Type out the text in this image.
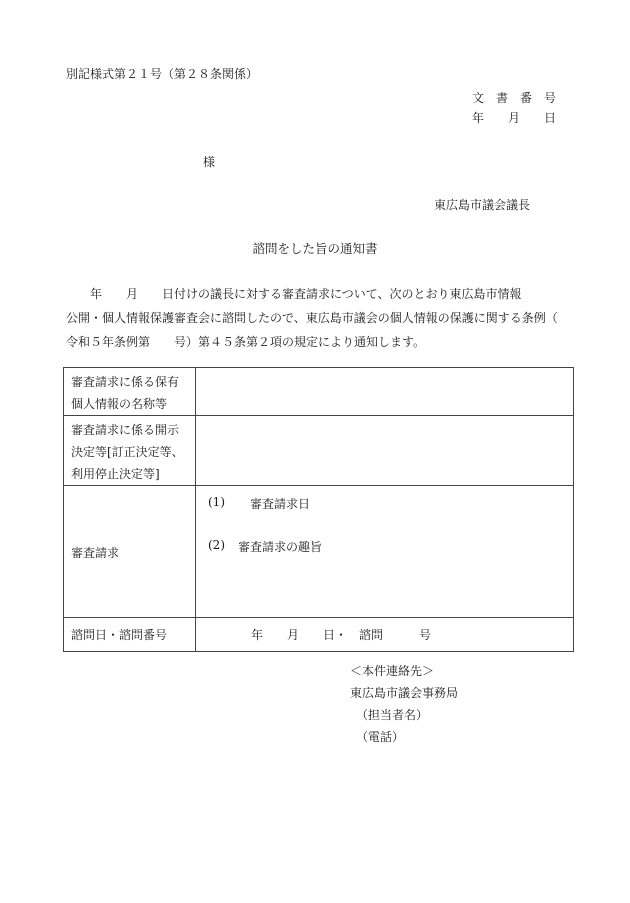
別記様式第２１号（第２８条関係）
文　書　番　号
年　　月　　日
様
東広島市議会議長
諮問をした旨の通知書
　　年　　月　　日付けの議長に対する審査請求について、次のとおり東広島市情報
公開・個人情報保護審査会に諮問したので、東広島市議会の個人情報の保護に関する条例（
令和５年条例第　　号）第４５条第２項の規定により通知します。
審査請求に係る保有
個人情報の名称等	

審査請求に係る開示
決定等[訂正決定等、
利用停止決定等]	

審査請求	(1) 審査請求日
(2) 審査請求の趣旨

諮問日・諮問番号	年　　月　　日・　諮問　　　号
＜本件連絡先＞
東広島市議会事務局
（担当者名）
（電話）
